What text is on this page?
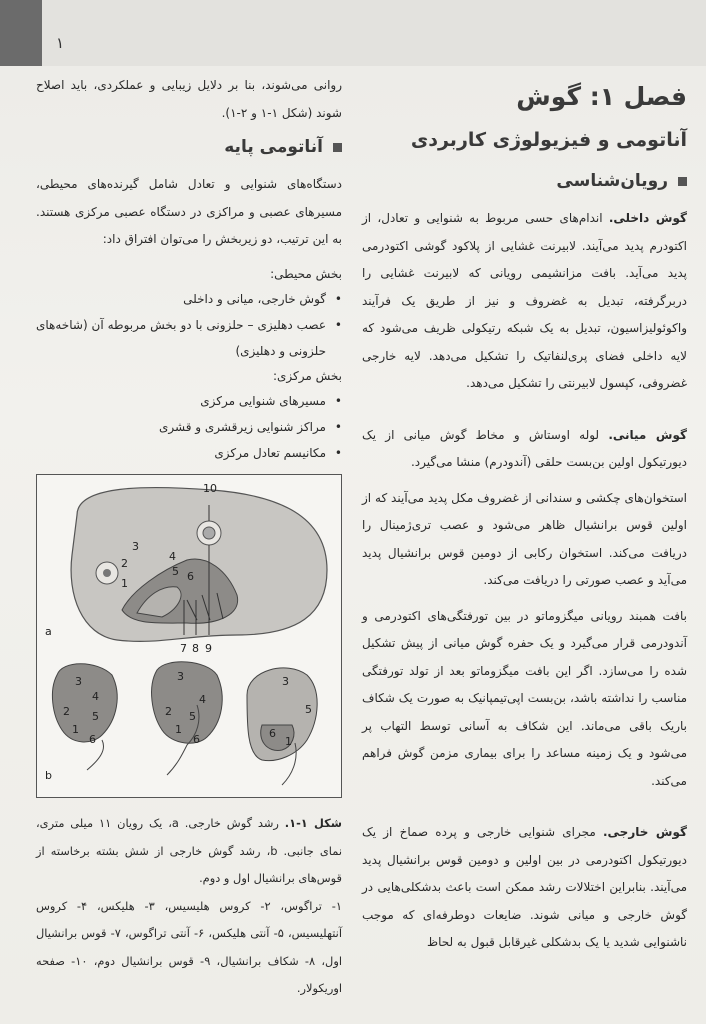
۱
فصل ۱: گوش
آناتومی و فیزیولوژی کاربردی
رویان‌شناسی

گوش داخلی. اندام‌های حسی مربوط به شنوایی و تعادل، از اکتودرم پدید می‌آیند. لابیرنت غشایی از پلاکود گوشی اکتودرمی پدید می‌آید. بافت مزانشیمی رویانی که لابیرنت غشایی را دربرگرفته، تبدیل به غضروف و نیز از طریق یک فرآیند واکوئولیزاسیون، تبدیل به یک شبکه رتیکولی ظریف می‌شود که لایه داخلی فضای پری‌لنفاتیک را تشکیل می‌دهد. لایه خارجی غضروفی، کپسول لابیرنتی را تشکیل می‌دهد.

گوش میانی. لوله اوستاش و مخاط گوش میانی از یک دیورتیکول اولین بن‌بست حلقی (آندودرم) منشا می‌گیرد.

استخوان‌های چکشی و سندانی از غضروف مکل پدید می‌آیند که از اولین قوس برانشیال ظاهر می‌شود و عصب تری‌ژمینال را دریافت می‌کند. استخوان رکابی از دومین قوس برانشیال پدید می‌آید و عصب صورتی را دریافت می‌کند.

بافت همبند رویانی میگزوماتو در بین تورفتگی‌های اکتودرمی و آندودرمی قرار می‌گیرد و یک حفره گوش میانی از پیش تشکیل شده را می‌سازد. اگر این بافت میگزوماتو بعد از تولد تورفتگی مناسب را نداشته باشد، بن‌بست اپی‌تیمپانیک به صورت یک شکاف باریک باقی می‌ماند. این شکاف به آسانی توسط التهاب پر می‌شود و یک زمینه مساعد را برای بیماری مزمن گوش فراهم می‌کند.

گوش خارجی. مجرای شنوایی خارجی و پرده صماخ از یک دیورتیکول اکتودرمی در بین اولین و دومین قوس برانشیال پدید می‌آیند. بنابراین اختلالات رشد ممکن است باعث بدشکلی‌هایی در گوش خارجی و میانی شوند. ضایعات دوطرفه‌ای که موجب ناشنوایی شدید یا یک بدشکلی غیرقابل قبول به لحاظ

روانی می‌شوند، بنا بر دلایل زیبایی و عملکردی، باید اصلاح شوند (شکل ۱-۱ و ۲-۱).

آناتومی پایه

دستگاه‌های شنوایی و تعادل شامل گیرنده‌های محیطی، مسیرهای عصبی و مراکزی در دستگاه عصبی مرکزی هستند. به این ترتیب، دو زیربخش را می‌توان افتراق داد:

بخش محیطی:
• گوش خارجی، میانی و داخلی
• عصب دهلیزی – حلزونی با دو بخش مربوطه آن (شاخه‌های حلزونی و دهلیزی)
بخش مرکزی:
• مسیرهای شنوایی مرکزی
• مراکز شنوایی زیرقشری و قشری
• مکانیسم تعادل مرکزی
10
3
4
2
5 6
1
7 8 9
a
b
3
4
2 5
1
6
3
4
2 5
1
6
3
5
6
1

شکل ۱-۱. رشد گوش خارجی. a، یک رویان ۱۱ میلی متری، نمای جانبی. b، رشد گوش خارجی از شش بشته برخاسته از قوس‌های برانشیال اول و دوم.

۱- تراگوس، ۲- کروس هلیسیس، ۳- هلیکس، ۴- کروس آنتهلیسیس، ۵- آنتی هلیکس، ۶- آنتی تراگوس، ۷- قوس برانشیال اول، ۸- شکاف برانشیال، ۹- قوس برانشیال دوم، ۱۰- صفحه اوریکولار.
